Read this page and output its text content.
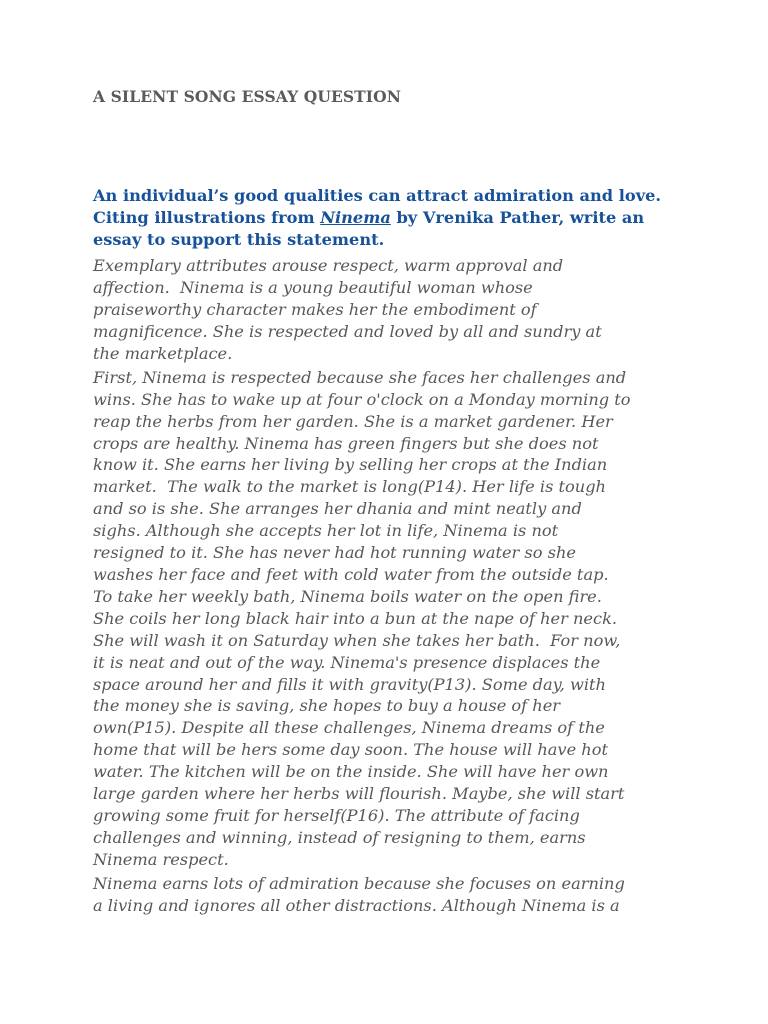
A SILENT SONG ESSAY QUESTION

An individual’s good qualities can attract admiration and love. Citing illustrations from Ninema by Vrenika Pather, write an essay to support this statement.

Exemplary attributes arouse respect, warm approval and
affection.  Ninema is a young beautiful woman whose
praiseworthy character makes her the embodiment of
magnificence. She is respected and loved by all and sundry at
the marketplace.

First, Ninema is respected because she faces her challenges and
wins. She has to wake up at four o'clock on a Monday morning to
reap the herbs from her garden. She is a market gardener. Her
crops are healthy. Ninema has green fingers but she does not
know it. She earns her living by selling her crops at the Indian
market.  The walk to the market is long(P14). Her life is tough
and so is she. She arranges her dhania and mint neatly and
sighs. Although she accepts her lot in life, Ninema is not
resigned to it. She has never had hot running water so she
washes her face and feet with cold water from the outside tap.
To take her weekly bath, Ninema boils water on the open fire.
She coils her long black hair into a bun at the nape of her neck.
She will wash it on Saturday when she takes her bath.  For now,
it is neat and out of the way. Ninema's presence displaces the
space around her and fills it with gravity(P13). Some day, with
the money she is saving, she hopes to buy a house of her
own(P15). Despite all these challenges, Ninema dreams of the
home that will be hers some day soon. The house will have hot
water. The kitchen will be on the inside. She will have her own
large garden where her herbs will flourish. Maybe, she will start
growing some fruit for herself(P16). The attribute of facing
challenges and winning, instead of resigning to them, earns
Ninema respect.

Ninema earns lots of admiration because she focuses on earning
a living and ignores all other distractions. Although Ninema is a
